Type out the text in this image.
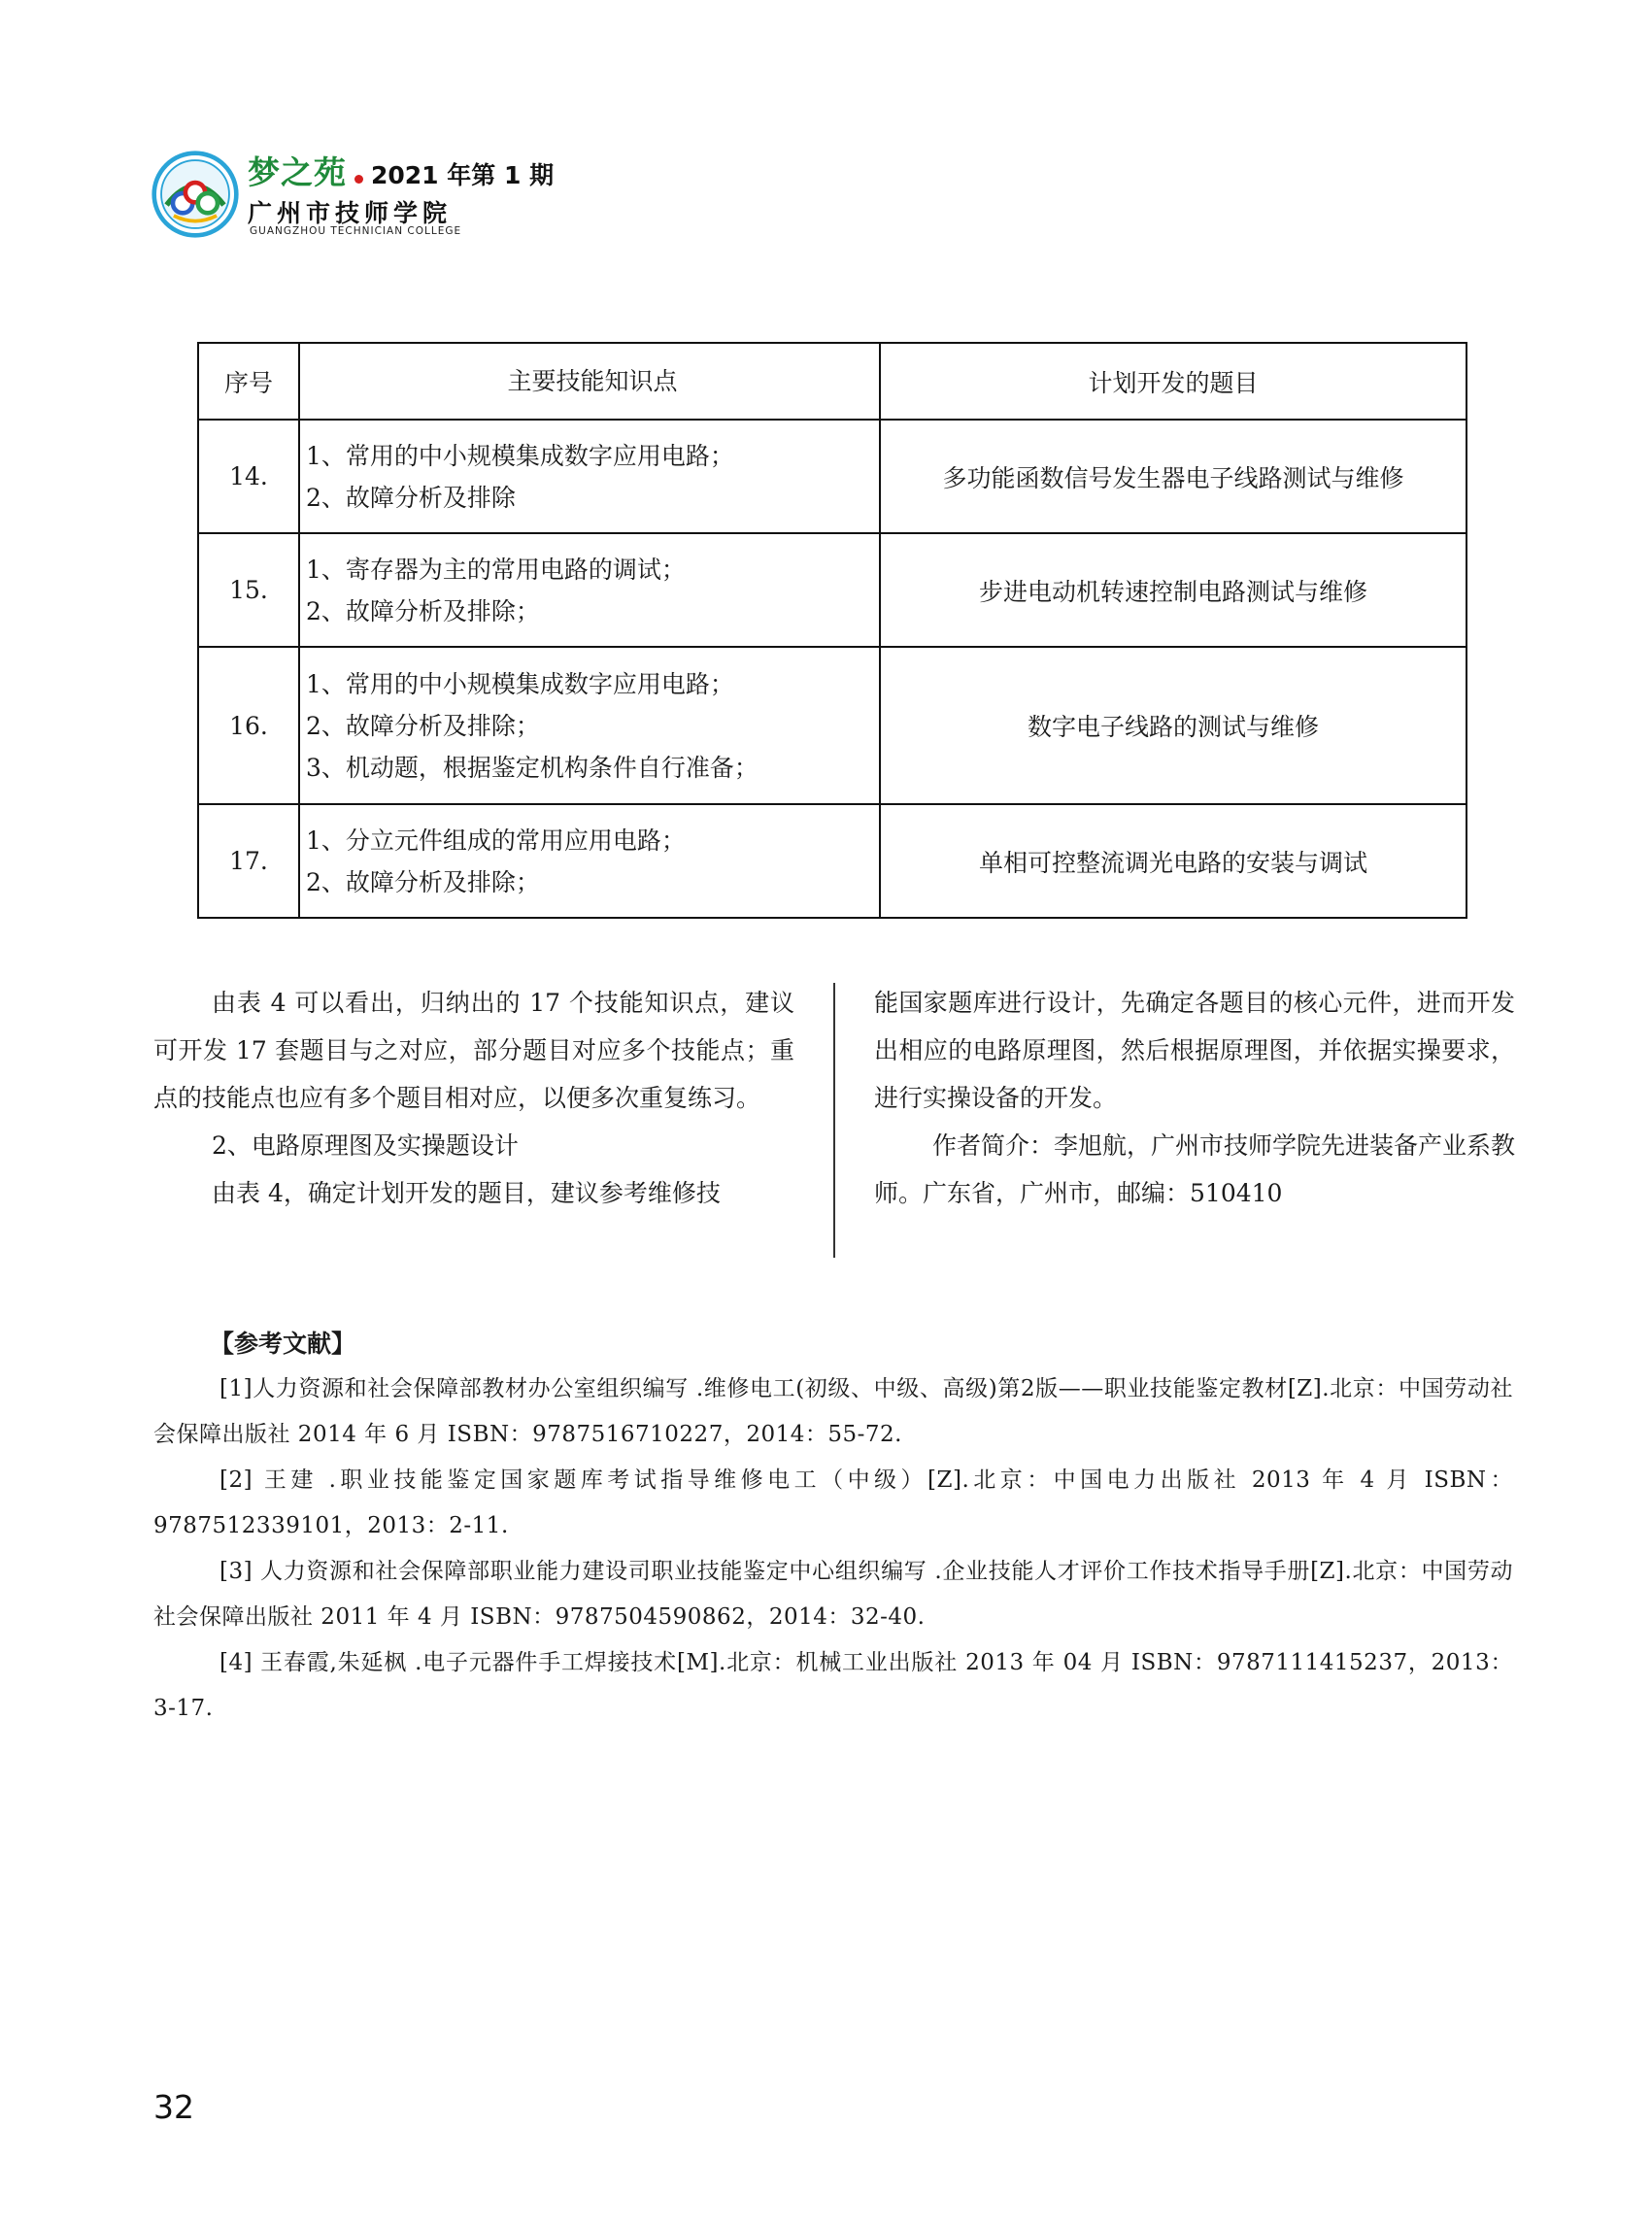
梦之苑 2021 年第 1 期
广州市技师学院
GUANGZHOU TECHNICIAN COLLEGE
序号	主要技能知识点	计划开发的题目
14.	1、常用的中小规模集成数字应用电路；
2、故障分析及排除	多功能函数信号发生器电子线路测试与维修
15.	1、寄存器为主的常用电路的调试；
2、故障分析及排除；	步进电动机转速控制电路测试与维修
16.	1、常用的中小规模集成数字应用电路；
2、故障分析及排除；
3、机动题，根据鉴定机构条件自行准备；	数字电子线路的测试与维修
17.	1、分立元件组成的常用应用电路；
2、故障分析及排除；	单相可控整流调光电路的安装与调试

由表 4 可以看出，归纳出的 17 个技能知识点，建议可开发 17 套题目与之对应，部分题目对应多个技能点；重点的技能点也应有多个题目相对应，以便多次重复练习。

2、电路原理图及实操题设计

由表 4，确定计划开发的题目，建议参考维修技

能国家题库进行设计，先确定各题目的核心元件，进而开发出相应的电路原理图，然后根据原理图，并依据实操要求，进行实操设备的开发。

作者简介：李旭航，广州市技师学院先进装备产业系教师。广东省，广州市，邮编：510410

【参考文献】

[1]人力资源和社会保障部教材办公室组织编写 .维修电工(初级、中级、高级)第2版——职业技能鉴定教材[Z].北京：中国劳动社会保障出版社 2014 年 6 月 ISBN：9787516710227，2014：55-72.

[2] 王建 .职业技能鉴定国家题库考试指导维修电工（中级）[Z].北京：中国电力出版社 2013 年 4 月 ISBN：9787512339101，2013：2-11.

[3] 人力资源和社会保障部职业能力建设司职业技能鉴定中心组织编写 .企业技能人才评价工作技术指导手册[Z].北京：中国劳动社会保障出版社 2011 年 4 月 ISBN：9787504590862，2014：32-40.

[4] 王春霞,朱延枫 .电子元器件手工焊接技术[M].北京：机械工业出版社 2013 年 04 月 ISBN：9787111415237，2013：3-17.

32
